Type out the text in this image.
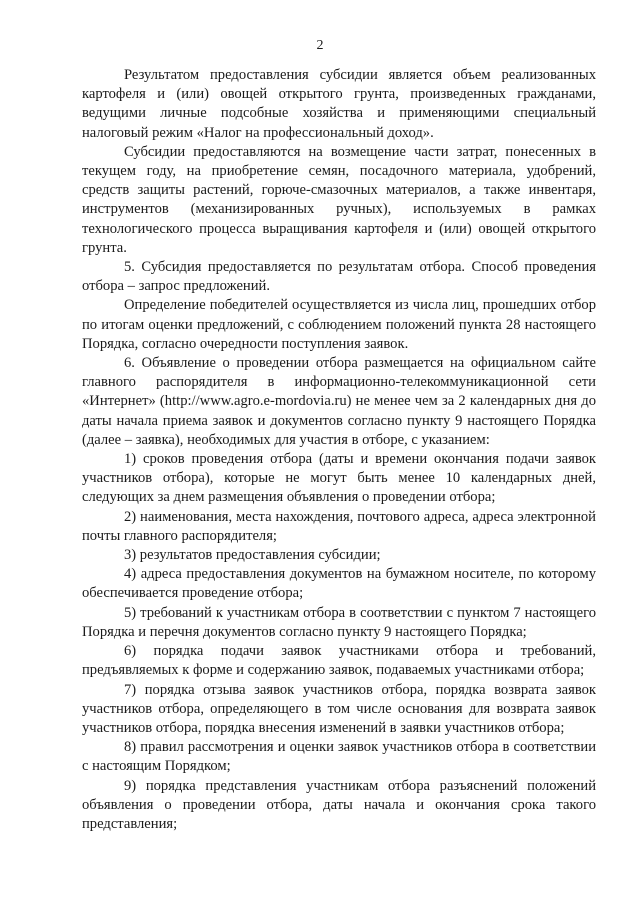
2

Результатом предоставления субсидии является объем реализованных картофеля и (или) овощей открытого грунта, произведенных гражданами, ведущими личные подсобные хозяйства и применяющими специальный налоговый режим «Налог на профессиональный доход».

Субсидии предоставляются на возмещение части затрат, понесенных в текущем году, на приобретение семян, посадочного материала, удобрений, средств защиты растений, горюче-смазочных материалов, а также инвентаря, инструментов (механизированных ручных), используемых в рамках технологического процесса выращивания картофеля и (или) овощей открытого грунта.

5. Субсидия предоставляется по результатам отбора. Способ проведения отбора – запрос предложений.

Определение победителей осуществляется из числа лиц, прошедших отбор по итогам оценки предложений, с соблюдением положений пункта 28 настоящего Порядка, согласно очередности поступления заявок.

6. Объявление о проведении отбора размещается на официальном сайте главного распорядителя в информационно-телекоммуникационной сети «Интернет» (http://www.agro.e-mordovia.ru) не менее чем за 2 календарных дня до даты начала приема заявок и документов согласно пункту 9 настоящего Порядка (далее – заявка), необходимых для участия в отборе, с указанием:

1) сроков проведения отбора (даты и времени окончания подачи заявок участников отбора), которые не могут быть менее 10 календарных дней, следующих за днем размещения объявления о проведении отбора;

2) наименования, места нахождения, почтового адреса, адреса электронной почты главного распорядителя;

3) результатов предоставления субсидии;

4) адреса предоставления документов на бумажном носителе, по которому обеспечивается проведение отбора;

5) требований к участникам отбора в соответствии с пунктом 7 настоящего Порядка и перечня документов согласно пункту 9 настоящего Порядка;

6) порядка подачи заявок участниками отбора и требований, предъявляемых к форме и содержанию заявок, подаваемых участниками отбора;

7) порядка отзыва заявок участников отбора, порядка возврата заявок участников отбора, определяющего в том числе основания для возврата заявок участников отбора, порядка внесения изменений в заявки участников отбора;

8) правил рассмотрения и оценки заявок участников отбора в соответствии с настоящим Порядком;

9) порядка представления участникам отбора разъяснений положений объявления о проведении отбора, даты начала и окончания срока такого представления;
